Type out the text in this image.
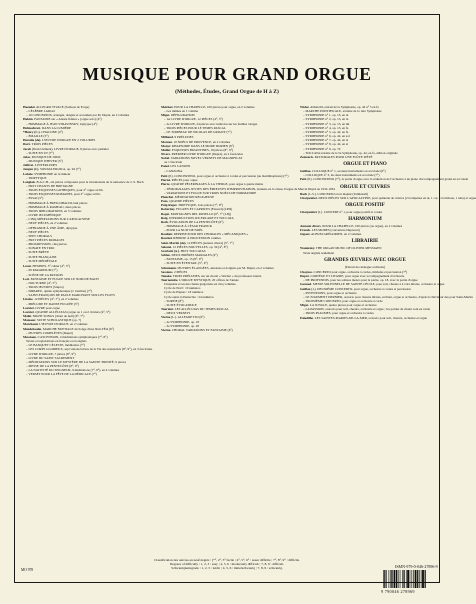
MUSIQUE POUR GRAND ORGUE
(Méthodes, Études, Grand Orgue de H à Z)
Haendel. ALLEGRO VIVACE (Samson de Forge)
– CÉLÈBRE LARGO
– 16 CONCERTOS, arrangés, doigtés et accentués par M. Dupré, en 2 volumes
Hakim. FANTAISIE sur « Adeste fideles » (orgue solo) (4°)
– HOMMAGE À JEAN STRAVINSKY, triptyque (4°)
Helmschrott. DANS LA LUMIÈRE
*Henry (C.). CHACONE (4°)
– ÉMAILLE (5°)
Heredia (de). L'ŒUVRE D'ORGUE EN 2 VOLUMES
Ibert. TROIS PIÈCES
Jacob (Dom Clément). LIVRE D'ORGUE, 8 pièces avec pédalier
– SUITE EN UT (7°)
Jolas. MUSIQUE DE JOUR
– MUSIQUE D'HIVER (5°)
Jollivet. 4 INTERLUDES
Jongen (J.). SONATA EROICA, op. 94 (7°)
Labole. SYMPHONIE en ré mineur
– TRIPTYQUE
Langlais. B.A.C.H., six pièces composées pour le tricentenaire de la naissance de J.-S. Bach
– HUIT CHANTS DE BRETAGNE
– TROIS ESQUISSES GOTHIQUES, pour 2° orgue ad lib.
– TROIS ESQUISSES ROMANES, pour 2° orgue ad lib.
– ESSAI (5°)
– HOMMAGE À FRESCOBALDI, huit pièces
– HOMMAGE À RAMEAU, deux pièces
– TROIS IMPLORATIONS, en 3 volumes
– LIVRE ŒCUMÉNIQUE
– CINQ MÉDITATIONS SUR L'APOCALYPSE
– NEUF PIÈCES, en 2 volumes
– OFFRANDE À UNE ÂME, diptyque
– NEUF PIÈCES
– SEPT CHORALS
– HUIT PIÈCES MODALES
– PROGRESSION, cinq pièces
– SONATE EN TRIO
– SUITE BRÈVE
– SUITE FRANÇAISE
– SUITE MÉDIÉVALE
Lesur. HYMNES, 3° cahier (4°, 5°)
– IN PARADISUM (7°)
– SCÈNE DE LA PASSION
Lott. FANTAISIE ET FUGUE SUR LE NOM DE BACH
– NOCTURNE (4°, 5°)
– TROIS ŒUVRES (Stupra)
– DIPAREU, quinte symphonique (J. Guillou) (7°)
– SAINT-FRANÇOIS DE PAULE MARCHANT SUR LES FLOTS
Litaize. 12 PIÈCES (4°, 7°), en 2 volumes
– PRÉLUDE ET DANSE FUGUÉE (5°)
Louvier. LIVRE pour orgue
Louvier. QUATRE ALLÉLUIAS (orgue ou 1 ou 2 claviers (4°, 5°)
Malié. NIGHT SONGS (chant de nuit) (6°, 7°)
Mansour. SUITE SCHOLASTIQUE (op. 7)
Marchand. L'ŒUVRE D'ORGUE, en 2 volumes
Mendelssohn. MARCHE NUPTIALE du Songe d'une Nuit d'Été (6°)
– ŒUVRES COMPLÈTES (Dupré)
Messiaen. L'ASCENSION, 4 méditations symphoniques (7°, 8°)
Textes et registrations en français et en anglais
– LE BANQUET CÉLESTE, méditation (7°)
– LES CORPS GLORIEUX, sept visions brèves de la Vie des ressuscités (8°, 9°), en 3 fascicules
– LIVRE D'ORGUE, 7 pièces (8°, 9°)
– LIVRE DU SAINT SACREMENT
– MÉDITATIONS SUR LE MYSTÈRE DE LA SAINTE TRINITÉ, 9 pièces
– MESSE DE LA PENTECÔTE (8°, 9°)
– LA NATIVITÉ DU SEIGNEUR, 9 méditations (7°, 8°), en 4 volumes
– VERSET POUR LA FÊTE DE LA DÉDICACE (7°)
Meiziser. POUR LA CHAPELLE, 100 pièces pour orgue, en 2 volumes
– Les mêmes en 1 volume
Migot. DÉFIGURATION
– 1er LIVRE D'ORGUE, 12 PIÈCES (4°, 5°)
– 2e LIVRE D'ORGUE, 24 pièces avec tremolos sur les feuilles vierges
– TROIS PIÈCES POUR LE TEMPS PASCAL
– LE TOMBEAU DE NICOLAS DE GRIGNY (7°)
Milhaud. 9 PRÉLUDES
Moreau. 10 NOËLS DE PROVENCE, en 2 volumes
Mouyr. RHAPSODIE DANS LE MODE DORIEN (6°)
Muller. ESQUISSES BIZANTINES, 18 pièces (8°, 9°)
Nivers. PREMIER LIVRE D'ORGUE (Dupré), en 2 fascicules
Nobel. VARIATIONS NOVEL VERSETS DE MAGNIFICAT
ou 1 fascicule
Panel. LES CANONS
– CANZONA
Petit (P.). CONCERTINO, pour orgue et orchestre à cordes et percussion (au marimbaphone) (7°)
Pierné. PIÈCES pour orgue
Pierre. QUATRE PÈLERINAGES À LA VIERGE, pour orgue à quatre mains
– TÉMOIGNAGES JUSTES DES ÉPREUVES D'IMPROVISATION, données en la classe d'orgue de Marcel Dupré au 1932-1934
– VARIATIONS ET FUGUE SUR TROIS NOËLS DE NORMANDIE
Planchet. MÉDITATION RELIGIEUSE
Pons. QUATRE PIÈCES
Puig-Roget. TRIPTYQUE, trois pièces (7°, 8°)
Roberday. FUGUES ET CAPRICES (Fassard) (LPI4)
Roget. MONTAGNES DEL ROSELLO (6°, 7° (LD))
Roig. INTRODUCTION, RICERCARE ET TOCCATA
Roth. ÉVOCATION DE LA PENTECÔTE (6°)
– HOMMAGE À CÉSAR FRANCK
– POUR LA NUIT DE NOËL
Rouhier. REPRISE POUR DES CHORALES « MÉCANIQUES »
Reschel. REPRISE À PROCESSION cantiles
Saint-Martin (de). 12 PIÈCES (auteurs divers) (5°, 7°)
Salomé. 12 PIÈCES NOUVELLES, op. 59 (4°, 8°)
Scarlatti (A.). HUIT TOCCATAS
Schlee. DEUX PRIÈRES MARIALES (4°)
– FANTAISIE, op. 15 (8°, 9°)
– SUITE EN ÉVENTAIL (5°, 6°)
Schumann. ŒUVRES ÉLANGÉES, annotées et doigtées par M. Dupré, en 2 volumes
Sessions. 2 PIÈCES
Tanaka. TROIS PRÉLUDES, sur un choral « Wachet » du professeur Gianta
Tournemire. L'ORGUE MYSTIQUE, 20 offices de l'année
Cinquante et un des chants grégoriens en cinq volumes.
Cycle de Noël : 10 numéros
Cycle de Pâques : 18 numéros
Cycle après la Pentecôte : 24 numéros
– SORTIE (8°)
– SUITE ÉVOCATRICE
Tournier. LES ALLÉLUIAS DU TEMPS PASCAL
– DEUX VERSETS
Vierne (L.). ALLEGRETTO (6°)
– 2e SYMPHONIE, op. 18
– 3e SYMPHONIE, op. 28
Vierne. CHORAL VARIATIONS ET FANTAISIE (6°)
Widor. ADAGIO, extrait de la Symphonie, op. 42 n° 5 en fa
– MARCHE PONTIFICALE, extraite de la 1ère Symphonie
– SYMPHONIE n° 1, op. 13, en ut
– SYMPHONIE n° 2, op. 13, en ré
– SYMPHONIE n° 3, op. 13, en mi
– SYMPHONIE n° 4, op. 13, en fa
– SYMPHONIE n° 5, op. 42, en fa
– SYMPHONIE n° 6, op. 42, en sol
– SYMPHONIE n° 7, op. 42, en la
– SYMPHONIE n° 8, op. 42, en si
– SYMPHONIE n° 9, op. 70
– TOCCATA extraite de la 5e Symphonie, op. 42, en fa, édition originale
Zemzaris. PASTORALES POUR UNE FLÛTE D'ÉTÉ
ORGUE ET PIANO
Guillou. COLLOQUE n° 1, au deux instruments en accolade (6°)
– COLLOQUE n° 3, les deux instruments en accolade (7°)
Petit (P.). CONCERTINO (7°), la partie d'orgue avec la réduction de l'orchestre à un piano d'accompagnement grand en accolade
ORGUE ET CUIVRES
Bach (J.-S.). CONCERTO en ut majeur (Tamburell)
Charpentier. DEUX PIÈCES SUR L'APOCALYPSE, pour quintette de cuivres (2 trompettes en ut, 1 cor, 1 trombone, 1 tuba) et orgue
ORGUE POSITIF
Charpentier (J.). CONCERT n° 1, pour orgue positif et cordes
HARMONIUM
Aumont divers. POUR LA CHAPELLE, 100 pièces (ou orgue), en 2 volumes
Franck. LES MODES (couverture Duprescu)
Gigout. ALBUM GRÉGORIEN, en 2 volumes
LIBRAIRIE
Waumsley. THE ORGAN MUSIC OF OLIVIER MESSIAEN
Texte anglais seulement
GRANDES ŒUVRES AVEC ORGUE
(Extrait du catalogue orchestre)
Chaynes. CONCERTO pour orgue, orchestre à cordes, timbales et percussion (7°)
Dupré. CORTÈGE ET LITANIE, pour orgue avec accompagnement d'orchestre
– DE PROFUNDIS, pour les solistes mezzo pour la partie, op. 18, avec la partie d'orgue
Gounod. MESSE SOLENNELLE DE SAINTE CÉCILE, pour soli, chœurs à 4 voix mixtes, orchestre et orgue
Guillou (J.). DEUXIÈME CONCERTO, pour orgue, orchestre à cordes et percussion
– INVENTIONS, pour orgue et orchestre
– LE JUGEMENT DERNIER, oratorio pour chœurs mixtes, récitant, orgue et orchestre, d'après le Devineur des pour Saint-Martin
– TROISIÈME CONCERTO, pour orgue et orchestre à corde
Migot. LA JUNGLE, quatre pièces pour orgue et orchestre
– LA PASSION, oratorio pour soli, chœurs, orchestre et orgue ; les parties de chœur sont en vente
– TROIS PSAUMES, pour orgue et orchestre à cordes
Paladilhe. LES SAINTES-MARIES-DE-LA-MER, oratorio pour soli, chœurs, orchestre et orgue
Classification des œuvres en neuf degrés : (*°, 2°, 3° facile ; 4°, 5°, 6° : assez difficile ; 7°, 8°, 9° : difficile.
Degrees of difficulty : 1, 2, 3 : easy ; 4, 5, 6 : moderately difficult ; 7, 8, 9 : difficult.
Schwierigkeitsgrade : 1, 2, 3 : leicht ; 4, 5, 6 : mittelschwierig ; 7, 8, 9 : schwierig.
MO 978
ISMN-979-0-046-27896-9
9 790046 278969
